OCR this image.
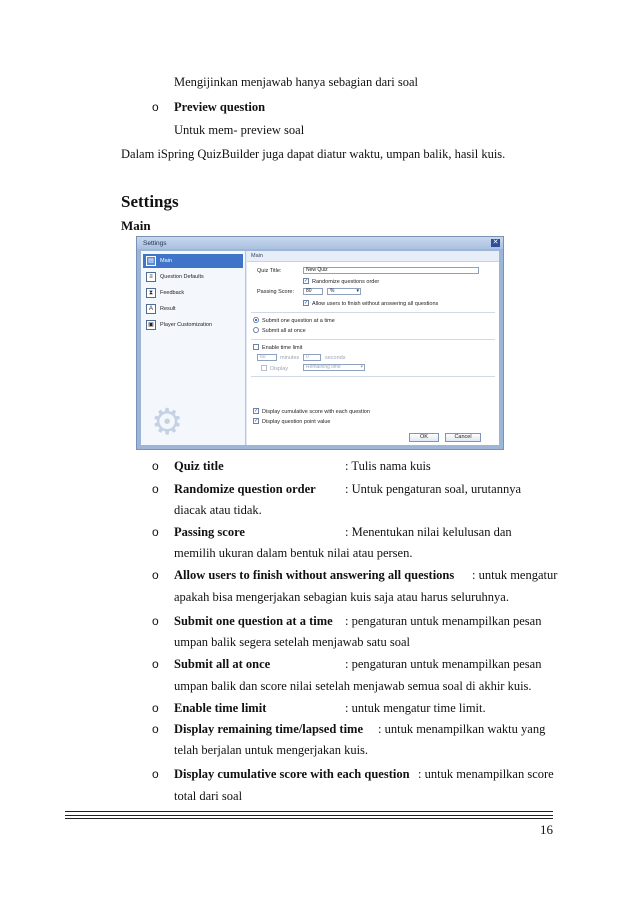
Mengijinkan menjawab hanya sebagian dari soal
o Preview question
Untuk mem- preview soal
Dalam iSpring QuizBuilder juga dapat diatur waktu, umpan balik, hasil kuis.
Settings
Main
Settings	✕
▤	Main
≡	Question Defaults
⧗	Feedback
A	Result
▣	Player Customization
⚙
Main
Quiz Title:	New Quiz
✓ Randomize questions order
Passing Score:	80	%	▾
✓ Allow users to finish without answering all questions
Submit one question at a time
Submit all at once
Enable time limit
60	minutes	0	seconds
Display	Remaining time	▾
✓ Display cumulative score with each question
✓ Display question point value
OK	Cancel
o Quiz title	: Tulis nama kuis
o Randomize question order : Untuk pengaturan soal, urutannya
diacak atau tidak.
o Passing score	: Menentukan nilai kelulusan dan
memilih ukuran dalam bentuk nilai atau persen.
o Allow users to finish without answering all questions : untuk mengatur
apakah bisa mengerjakan sebagian kuis saja atau harus seluruhnya.
o Submit one question at a time : pengaturan untuk menampilkan pesan
umpan balik segera setelah menjawab satu soal
o Submit all at once	: pengaturan untuk menampilkan pesan
umpan balik dan score nilai setelah menjawab semua soal di akhir kuis.
o Enable time limit	: untuk mengatur time limit.
o Display remaining time/lapsed time : untuk menampilkan waktu yang
telah berjalan untuk mengerjakan kuis.
o Display cumulative score with each question : untuk menampilkan score
total dari soal
16
